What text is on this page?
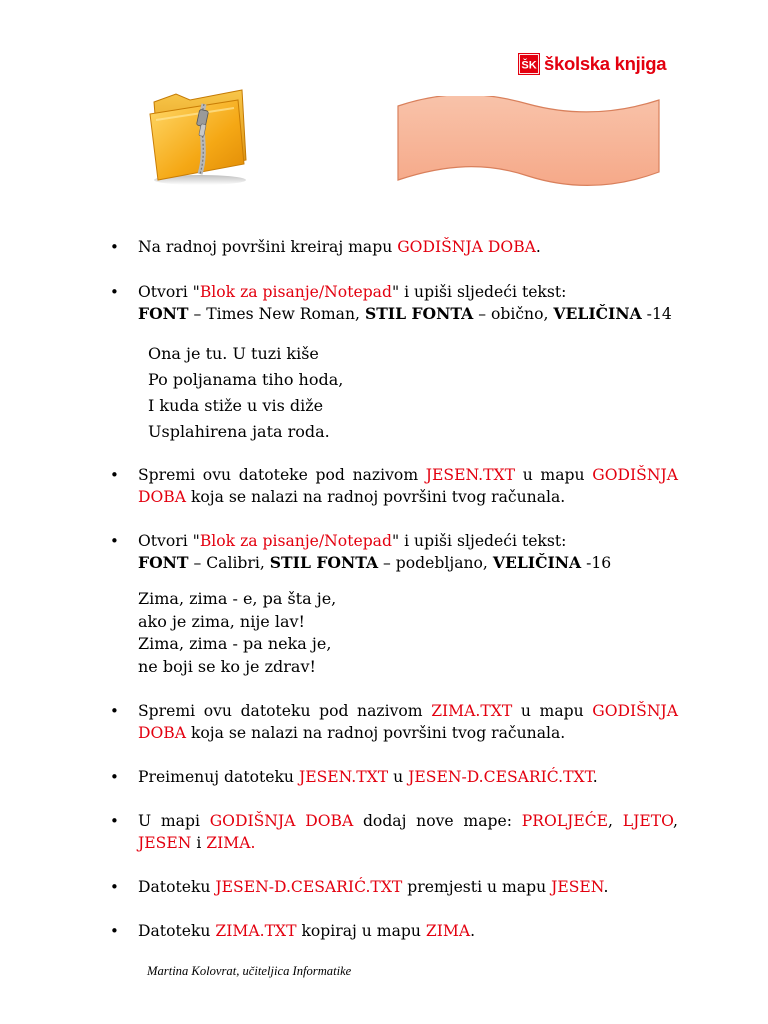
ŠK školska knjiga
• Na radnoj površini kreiraj mapu GODIŠNJA DOBA.
• Otvori "Blok za pisanje/Notepad" i upiši sljedeći tekst:
FONT – Times New Roman, STIL FONTA – obično, VELIČINA -14
Ona je tu. U tuzi kiše
Po poljanama tiho hoda,
I kuda stiže u vis diže
Usplahirena jata roda.
• Spremi ovu datoteke pod nazivom JESEN.TXT u mapu GODIŠNJA DOBA koja se nalazi na radnoj površini tvog računala.
• Otvori "Blok za pisanje/Notepad" i upiši sljedeći tekst:
FONT – Calibri, STIL FONTA – podebljano, VELIČINA -16
Zima, zima - e, pa šta je,
ako je zima, nije lav!
Zima, zima - pa neka je,
ne boji se ko je zdrav!
• Spremi ovu datoteku pod nazivom ZIMA.TXT u mapu GODIŠNJA DOBA koja se nalazi na radnoj površini tvog računala.
• Preimenuj datoteku JESEN.TXT u JESEN-D.CESARIĆ.TXT.
• U mapi GODIŠNJA DOBA dodaj nove mape: PROLJEĆE, LJETO, JESEN i ZIMA.
• Datoteku JESEN-D.CESARIĆ.TXT premjesti u mapu JESEN.
• Datoteku ZIMA.TXT kopiraj u mapu ZIMA.
Martina Kolovrat, učiteljica Informatike
